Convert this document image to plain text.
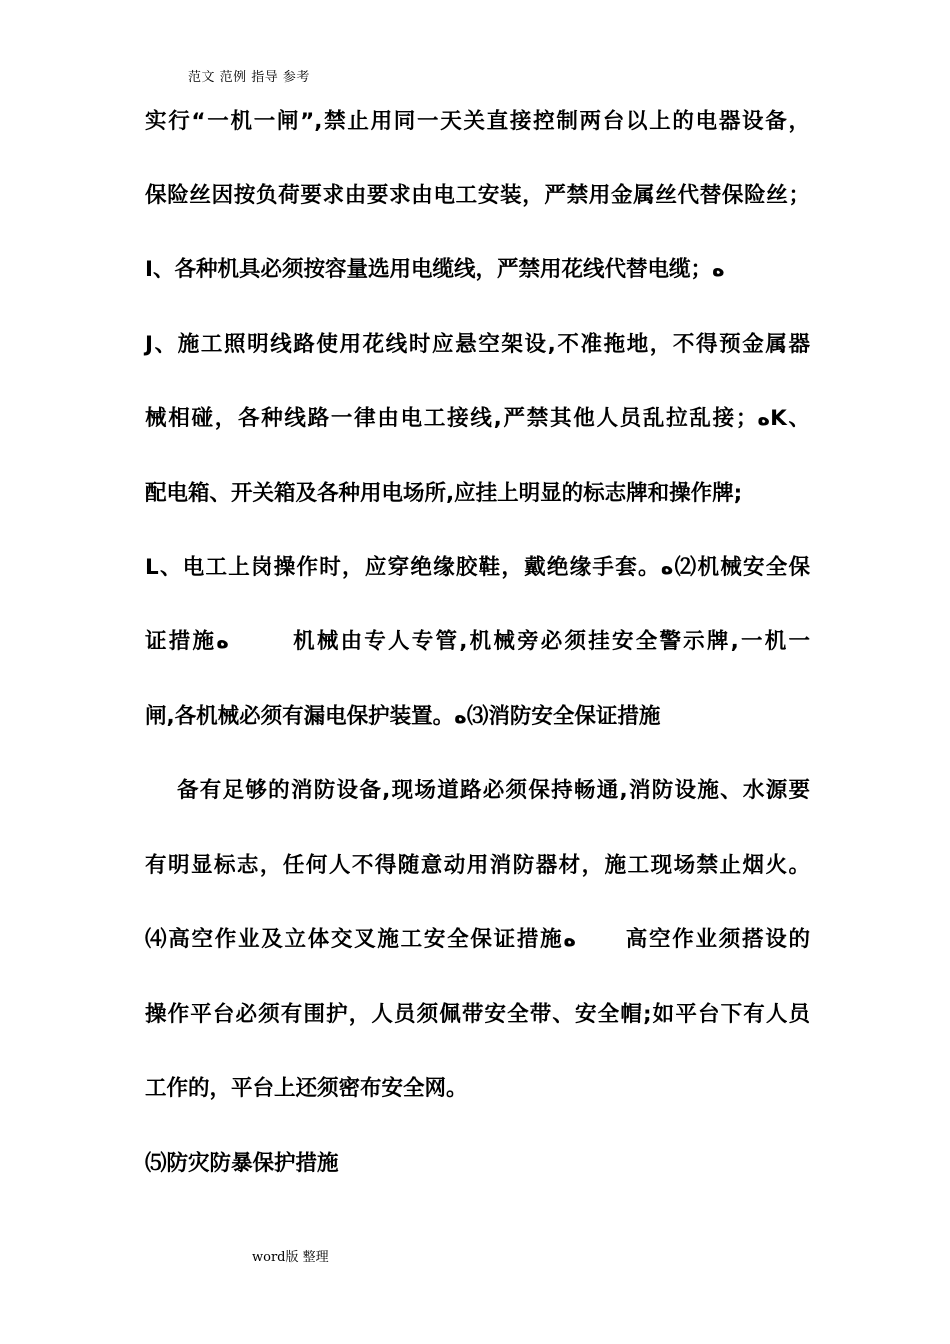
范文 范例 指导 参考
实行“一机一闸”,禁止用同一天关直接控制两台以上的电器设备，
保险丝因按负荷要求由要求由电工安装，严禁用金属丝代替保险丝；
I、各种机具必须按容量选用电缆线，严禁用花线代替电缆；ﻩ
J、施工照明线路使用花线时应悬空架设,不准拖地，不得预金属器
械相碰，各种线路一律由电工接线,严禁其他人员乱拉乱接；ﻩK、
配电箱、开关箱及各种用电场所,应挂上明显的标志牌和操作牌;
L、电工上岗操作时，应穿绝缘胶鞋，戴绝缘手套。ﻩ⑵机械安全保
证措施ﻩ	机械由专人专管,机械旁必须挂安全警示牌,一机一
闸,各机械必须有漏电保护装置。ﻩ⑶消防安全保证措施
备有足够的消防设备,现场道路必须保持畅通,消防设施、水源要
有明显标志，任何人不得随意动用消防器材，施工现场禁止烟火。
⑷高空作业及立体交叉施工安全保证措施ﻩ 高空作业须搭设的
操作平台必须有围护，人员须佩带安全带、安全帽;如平台下有人员
工作的，平台上还须密布安全网。
⑸防灾防暴保护措施
word版 整理
